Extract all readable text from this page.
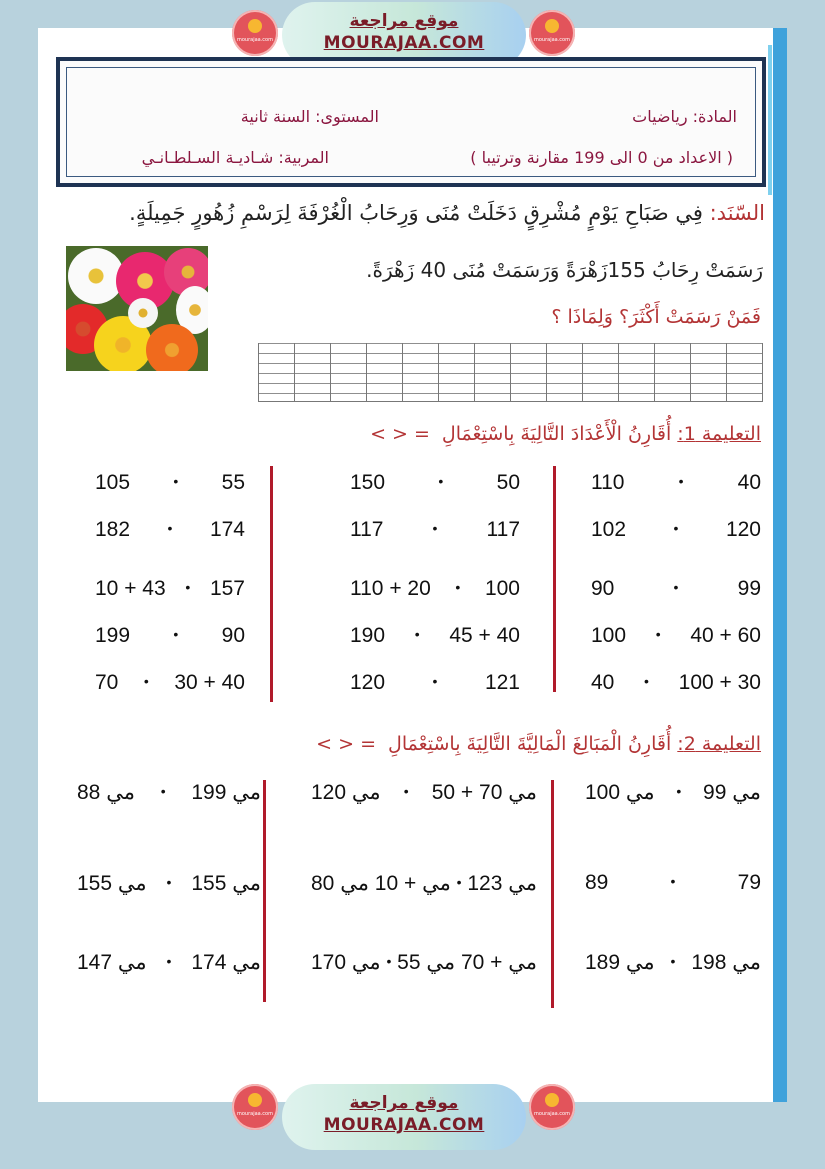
mourajaa.com
موقع مراجعة
MOURAJAA.COM	mourajaa.com
المادة: رياضيات
المستوى: السنة ثانية
( الاعداد من 0 الى 199 مقارنة وترتيبا )
المربية: شـاديـة السـلطـانـي
السّنَد: فِي صَبَاحِ يَوْمٍ مُشْرِقٍ دَخَلَتْ مُنَى وَرِحَابُ الْغُرْفَةَ لِرَسْمِ زُهُورٍ جَمِيلَةٍ.
رَسَمَتْ رِحَابُ 155زَهْرَةً وَرَسَمَتْ مُنَى 40 زَهْرَةً.
فَمَنْ رَسَمَتْ أَكْثَرَ؟ وَلِمَاذَا ؟
التعليمة 1: أُقَارِنُ الْأَعْدَادَ التَّالِيَةَ بِاسْتِعْمَالِ= < >
110	•	40
102	• 120
90	•	99
100 • 40 + 60
40 • 100 + 30
150	•	50
117	• 117
110 + 20 • 100
190 • 45 + 40
120	• 121
105	• 55
182	• 174
10 + 43 • 157
199	• 90
70 • 30 + 40
التعليمة 2: أُقَارِنُ الْمَبَالِغَ الْمَالِيَّةَ التَّالِيَةَ بِاسْتِعْمَالِ= < >
100 مي • 99 مي
89	•	79
189 مي • 198 مي
120 مي • 50 + 70 مي
80 مي + 10 مي • 123 مي
170 مي • 55 مي + 70 مي
88 مي • 199 مي
155 مي • 155 مي
147 مي • 174 مي
mourajaa.com
موقع مراجعة
MOURAJAA.COM
mourajaa.com
